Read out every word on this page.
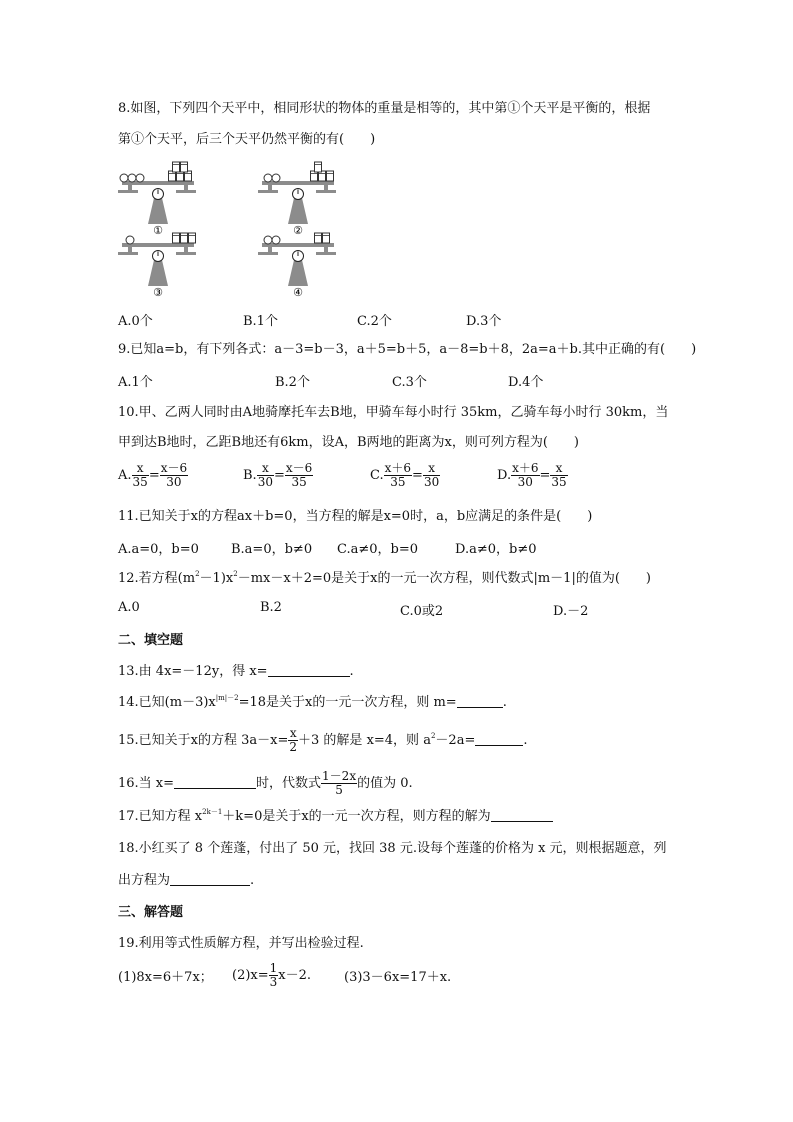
8.如图，下列四个天平中，相同形状的物体的重量是相等的，其中第①个天平是平衡的，根据
第①个天平，后三个天平仍然平衡的有(　　)
①	②
③	④
A.0个	B.1个	C.2个	D.3个
9.已知a=b，有下列各式：a－3=b－3，a＋5=b＋5，a－8=b＋8，2a=a＋b.其中正确的有(　　)
A.1个	B.2个	C.3个	D.4个
10.甲、乙两人同时由A地骑摩托车去B地，甲骑车每小时行 35km，乙骑车每小时行 30km，当
甲到达B地时，乙距B地还有6km，设A，B两地的距离为x，则可列方程为(　　)
A. $\frac{x}{35} = \frac{x-6}{30}$	B. $\frac{x}{30} = \frac{x-6}{35}$	C. $\frac{x+6}{35} = \frac{x}{30}$	D. $\frac{x+6}{30} = \frac{x}{35}$
11.已知关于x的方程ax＋b=0，当方程的解是x=0时，a，b应满足的条件是(　　)
A.a=0，b=0 B.a=0，b≠0 C.a≠0，b=0	D.a≠0，b≠0
12.若方程$(m^2-1)x^2-mx-x+2=0$是关于x的一元一次方程，则代数式|m－1|的值为(　　)
A.0	B.2	C.0或2	D.－2
二、填空题
13.由 4x=－12y，得 x=	.
14.已知$(m-3)x^{|m|-2}=18$是关于x的一元一次方程，则 m=	.
15.已知关于x的方程 $3a-x= \frac{x}{2} +3$ 的解是 x=4，则 $a^2-2a=$	.
16.当 x=	时，代数式 $\frac{1-2x}{5}$ 的值为 0.
17.已知方程 $x^{2k-1}+k=0$是关于x的一元一次方程，则方程的解为
18.小红买了 8 个莲蓬，付出了 50 元，找回 38 元.设每个莲蓬的价格为 x 元，则根据题意，列
出方程为	.
三、解答题
19.利用等式性质解方程，并写出检验过程.
(1)8x=6＋7x； $(2)x= \frac{1}{3} x-2$.	(3)3－6x=17＋x.
